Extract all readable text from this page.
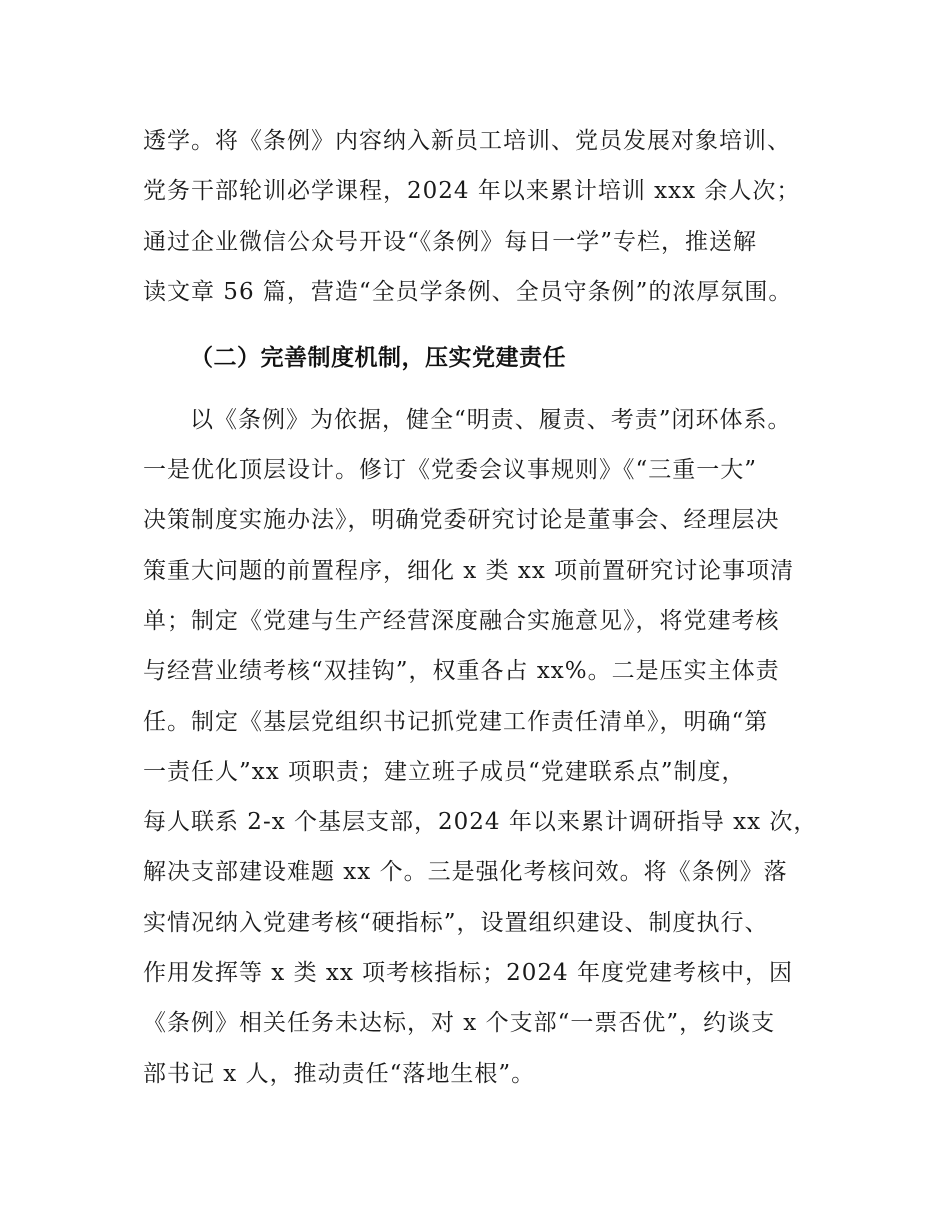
透学。将《条例》内容纳入新员工培训、党员发展对象培训、
党务干部轮训必学课程，2024 年以来累计培训 xxx 余人次；
通过企业微信公众号开设“《条例》每日一学”专栏，推送解
读文章 56 篇，营造“全员学条例、全员守条例”的浓厚氛围。
（二）完善制度机制，压实党建责任
以《条例》为依据，健全“明责、履责、考责”闭环体系。
一是优化顶层设计。修订《党委会议事规则》《“三重一大”
决策制度实施办法》，明确党委研究讨论是董事会、经理层决
策重大问题的前置程序，细化 x 类 xx 项前置研究讨论事项清
单；制定《党建与生产经营深度融合实施意见》，将党建考核
与经营业绩考核“双挂钩”，权重各占 xx%。二是压实主体责
任。制定《基层党组织书记抓党建工作责任清单》，明确“第
一责任人”xx 项职责；建立班子成员“党建联系点”制度，
每人联系 2-x 个基层支部，2024 年以来累计调研指导 xx 次，
解决支部建设难题 xx 个。三是强化考核问效。将《条例》落
实情况纳入党建考核“硬指标”，设置组织建设、制度执行、
作用发挥等 x 类 xx 项考核指标；2024 年度党建考核中，因
《条例》相关任务未达标，对 x 个支部“一票否优”，约谈支
部书记 x 人，推动责任“落地生根”。
